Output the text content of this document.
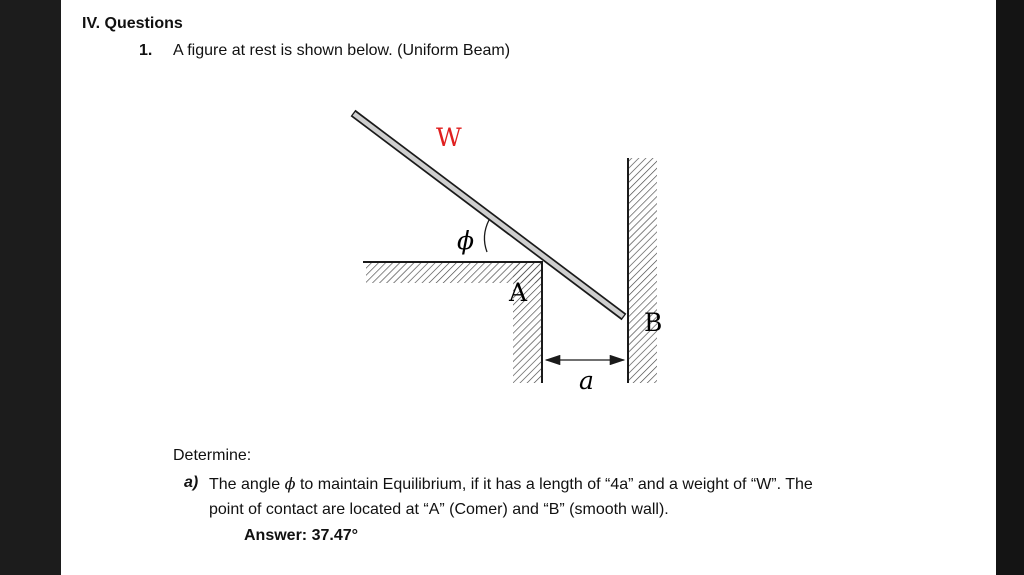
IV. Questions
1. A figure at rest is shown below. (Uniform Beam)
W
ϕ
A
B
a
Determine:
a) The angle ϕ to maintain Equilibrium, if it has a length of “4a” and a weight of “W”. The
point of contact are located at “A” (Comer) and “B” (smooth wall).
Answer: 37.47°
